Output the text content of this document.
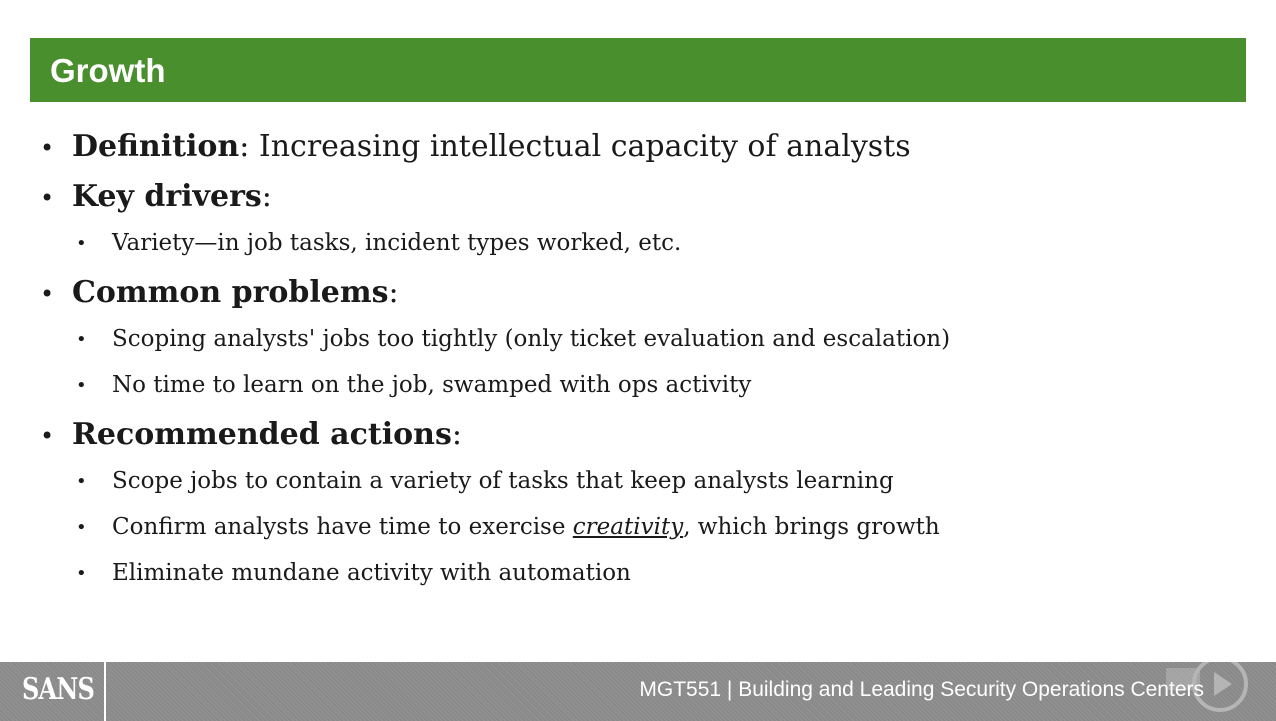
Growth
• Definition: Increasing intellectual capacity of analysts
• Key drivers:
• Variety—in job tasks, incident types worked, etc.
• Common problems:
• Scoping analysts' jobs too tightly (only ticket evaluation and escalation)
• No time to learn on the job, swamped with ops activity
• Recommended actions:
• Scope jobs to contain a variety of tasks that keep analysts learning
• Confirm analysts have time to exercise creativity, which brings growth
• Eliminate mundane activity with automation
SANS	MGT551 | Building and Leading Security Operations Centers
